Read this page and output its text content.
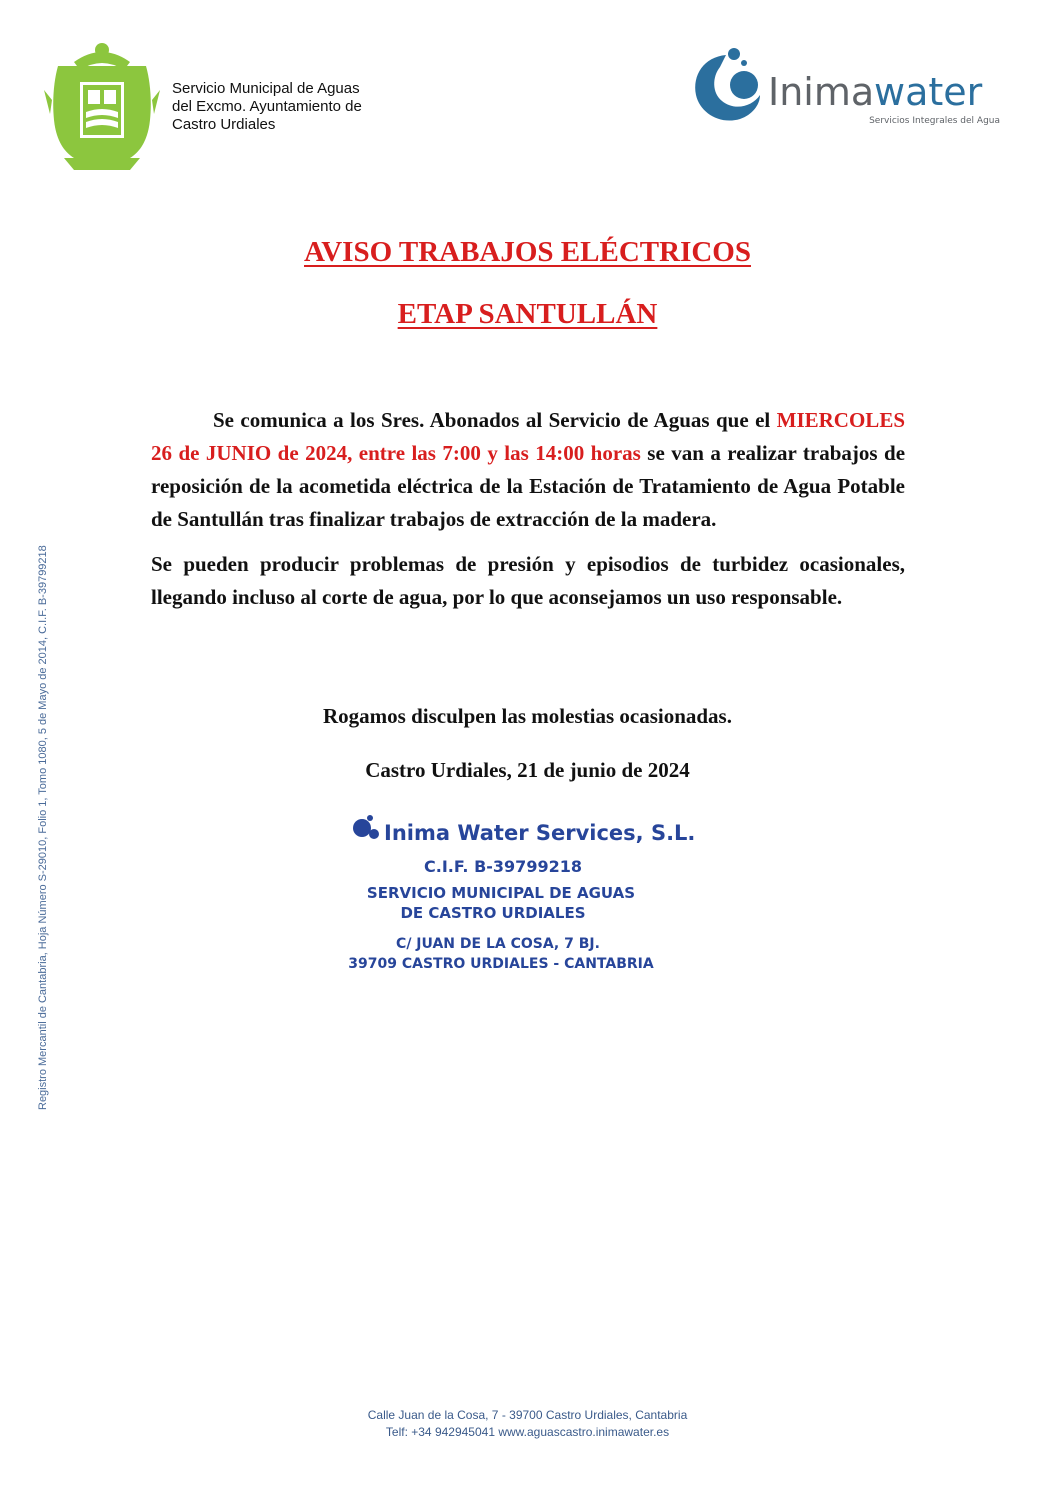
Servicio Municipal de Aguas
del Excmo. Ayuntamiento de
Castro Urdiales
Inima water
Servicios Integrales del Agua
AVISO TRABAJOS ELÉCTRICOS
ETAP SANTULLÁN

Se comunica a los Sres. Abonados al Servicio de Aguas que el MIERCOLES 26 de JUNIO de 2024, entre las 7:00 y las 14:00 horas se van a realizar trabajos de reposición de la acometida eléctrica de la Estación de Tratamiento de Agua Potable de Santullán tras finalizar trabajos de extracción de la madera.

Se pueden producir problemas de presión y episodios de turbidez ocasionales, llegando incluso al corte de agua, por lo que aconsejamos un uso responsable.

Rogamos disculpen las molestias ocasionadas.
Castro Urdiales, 21 de junio de 2024
Inima Water Services, S.L.
C.I.F. B-39799218
SERVICIO MUNICIPAL DE AGUAS
DE CASTRO URDIALES
C/ JUAN DE LA COSA, 7 BJ.
39709 CASTRO URDIALES - CANTABRIA
Registro Mercantil de Cantabria, Hoja Número S-29010, Folio 1, Tomo 1080, 5 de Mayo de 2014, C.I.F. B-39799218
Calle Juan de la Cosa, 7 - 39700 Castro Urdiales, Cantabria
Telf: +34 942945041 www.aguascastro.inimawater.es
